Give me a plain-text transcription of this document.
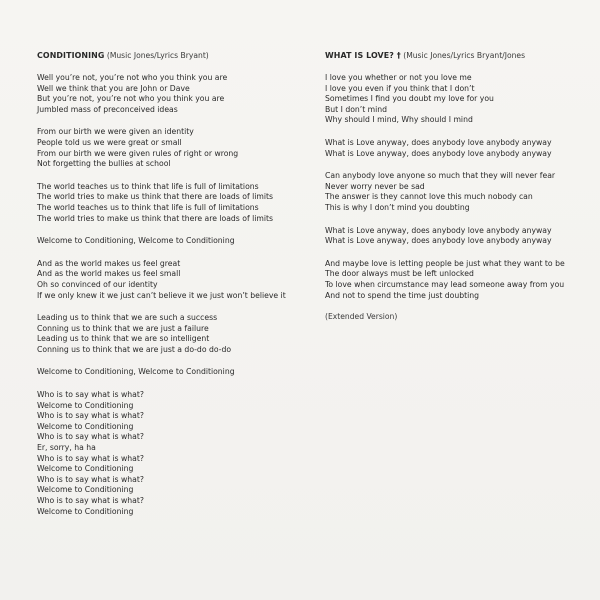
CONDITIONING (Music Jones/Lyrics Bryant)
Well you’re not, you’re not who you think you are
Well we think that you are John or Dave
But you’re not, you’re not who you think you are
Jumbled mass of preconceived ideas
From our birth we were given an identity
People told us we were great or small
From our birth we were given rules of right or wrong
Not forgetting the bullies at school
The world teaches us to think that life is full of limitations
The world tries to make us think that there are loads of limits
The world teaches us to think that life is full of limitations
The world tries to make us think that there are loads of limits
Welcome to Conditioning, Welcome to Conditioning
And as the world makes us feel great
And as the world makes us feel small
Oh so convinced of our identity
If we only knew it we just can’t believe it we just won’t believe it
Leading us to think that we are such a success
Conning us to think that we are just a failure
Leading us to think that we are so intelligent
Conning us to think that we are just a do-do do-do
Welcome to Conditioning, Welcome to Conditioning
Who is to say what is what?
Welcome to Conditioning
Who is to say what is what?
Welcome to Conditioning
Who is to say what is what?
Er, sorry, ha ha
Who is to say what is what?
Welcome to Conditioning
Who is to say what is what?
Welcome to Conditioning
Who is to say what is what?
Welcome to Conditioning
WHAT IS LOVE? † (Music Jones/Lyrics Bryant/Jones
I love you whether or not you love me
I love you even if you think that I don’t
Sometimes I find you doubt my love for you
But I don’t mind
Why should I mind, Why should I mind
What is Love anyway, does anybody love anybody anyway
What is Love anyway, does anybody love anybody anyway
Can anybody love anyone so much that they will never fear
Never worry never be sad
The answer is they cannot love this much nobody can
This is why I don’t mind you doubting
What is Love anyway, does anybody love anybody anyway
What is Love anyway, does anybody love anybody anyway
And maybe love is letting people be just what they want to be
The door always must be left unlocked
To love when circumstance may lead someone away from you
And not to spend the time just doubting
(Extended Version)
